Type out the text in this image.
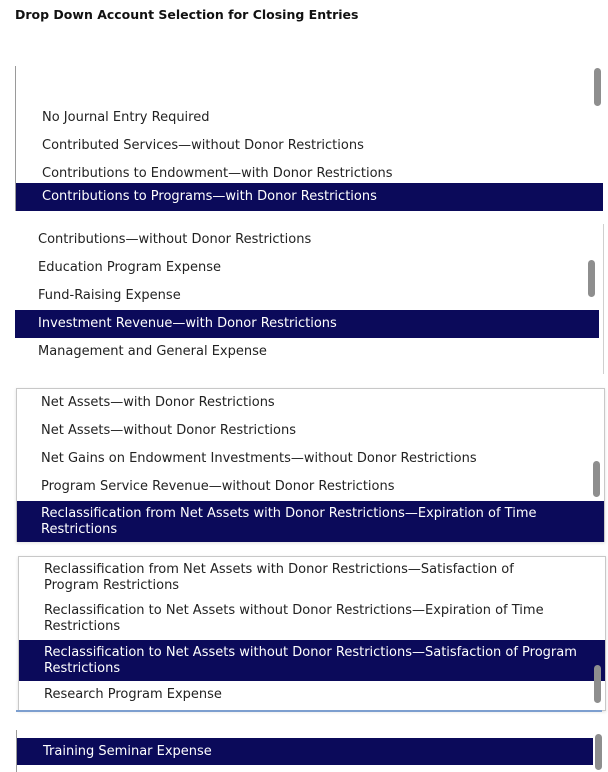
Drop Down Account Selection for Closing Entries
No Journal Entry Required
Contributed Services—without Donor Restrictions
Contributions to Endowment—with Donor Restrictions
Contributions to Programs—with Donor Restrictions
Contributions—without Donor Restrictions
Education Program Expense
Fund-Raising Expense
Investment Revenue—with Donor Restrictions
Management and General Expense
Net Assets—with Donor Restrictions
Net Assets—without Donor Restrictions
Net Gains on Endowment Investments—without Donor Restrictions
Program Service Revenue—without Donor Restrictions
Reclassification from Net Assets with Donor Restrictions—Expiration of Time Restrictions
Reclassification from Net Assets with Donor Restrictions—Satisfaction of Program Restrictions
Reclassification to Net Assets without Donor Restrictions—Expiration of Time Restrictions
Reclassification to Net Assets without Donor Restrictions—Satisfaction of Program Restrictions
Research Program Expense
Training Seminar Expense
